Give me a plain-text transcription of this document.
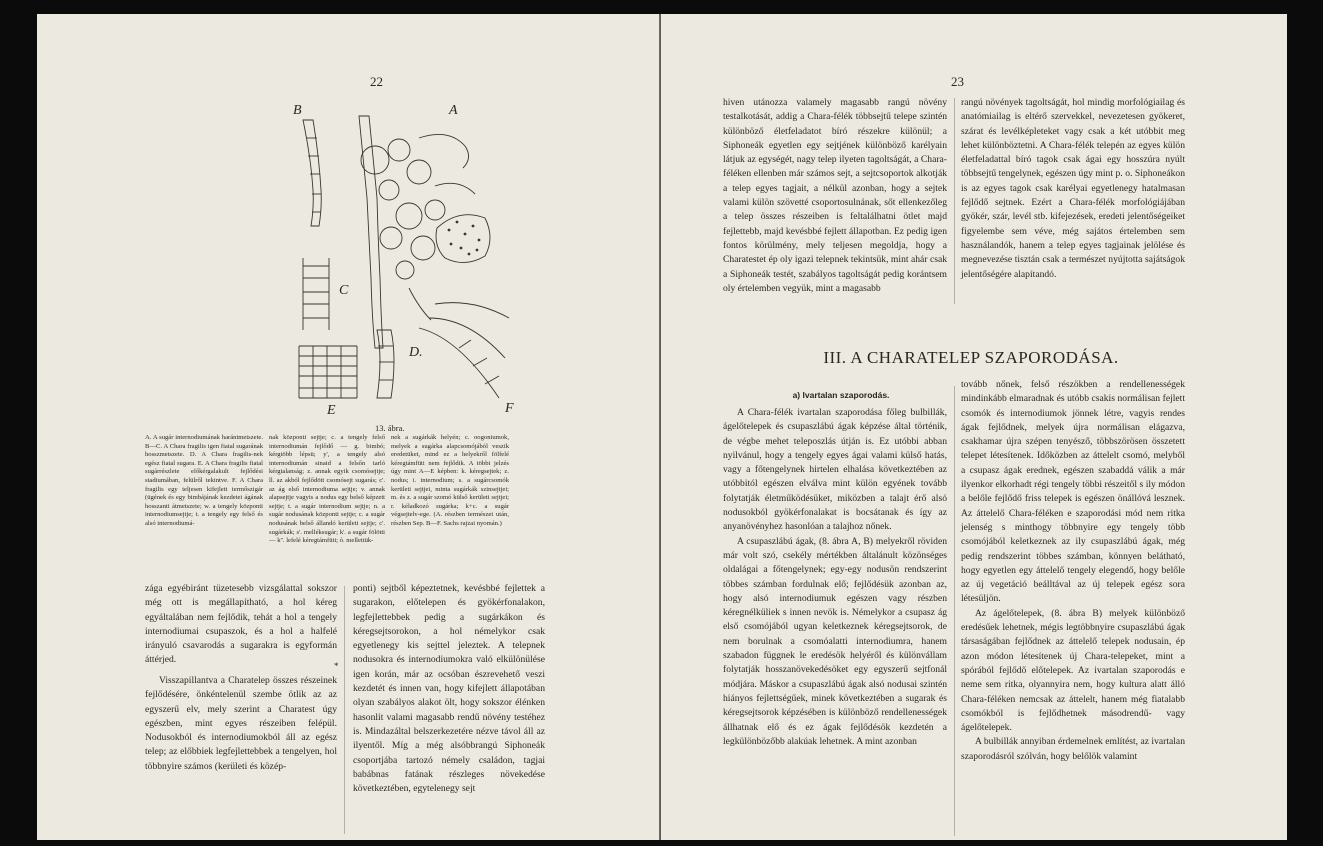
22
B	A
C
D.
E	F
13. ábra.

A. A sugár internodiumának harántmetszete. B—C. A Chara fragilis igen fiatal sugarának hosszmetszete. D. A Chara fragilis-nek egész fiatal sugara. E. A Chara fragilis fiatal sugárrészlete előkérgalakult fejlődési stadiumában, felülről tekintve. F. A Chara fragilis egy teljesen kifejlett termőszigár (ügének és egy bimbájának kezdetei ágának hosszanti átmetszete; w. a tengely központi internodiumsejtje; t. a tengely egy felső és alsó internodiumá-

nak központi sejtje; c. a tengely felső internodiumán fejlődő — g. bimbó; kérgtöbb lépsü; y', a tengely alsó internodiumán sinaid a felsőn tarló kérgtalanság; z. annak egyik csomósejtje; ll. az akból fejlődött csomósejt sugarás; c'. az ág első internodiuma sejtje; v. annak alapsejtje vagyis a nodus egy belső képzett sejtje; t. a sugár internodium sejtje; n. a sugár nodusának központi sejtje; c. a sugár nodusának belső állandó kerületi sejtje; c'. sugárkák; s'. melléksugár; k'. a sugár fölötti — k''. lefelé kéregtámfüti; ó. mellettük-

nek a sugárkák helyén; c. oogoniumok, melyek a sugárka alapcsomójából veszik eredetüket, mind ez a helyekről fölfelé kéregtámfüti nem fejlődik. A többi jelzés úgy mint A—E képben: k. kéregsejtek; z. nodus; i. internodium; s. a sugárcsomók kerületi sejtjei, minta sugárkák szinsejtjei; m. és z. a sugár szomó külső kerületi sejtjei; r. kéladkozó sugárka; k+c. a sugár végsejtelv-ege. (A. részben természet után, részben Sep. B—F. Sachs rajzai nyomán.)

zága egyébiránt tüzetesebb vizsgálattal sokszor még ott is megállapítható, a hol kéreg egyáltalában nem fejlődik, tehát a hol a tengely internodiumai csupaszok, és a hol a halfelé irányuló csavarodás a sugarakra is egyformán áttérjed.

*

Visszapillantva a Charatelep összes részeinek fejlődésére, önkéntelenül szembe ötlik az az egyszerű elv, mely szerint a Charatest úgy egészben, mint egyes részeiben felépül. Nodusokból és internodiumokból áll az egész telep; az előbbiek legfejlettebbek a tengelyen, hol többnyire számos (kerületi és közép-

ponti) sejtből képeztetnek, kevésbbé fejlettek a sugarakon, előtelepen és gyökérfonalakon, legfejlettebbek pedig a sugárkákon és kéregsejtsorokon, a hol némelykor csak egyetlenegy kis sejttel jeleztek. A telepnek nodusokra és internodiumokra való elkülönülése igen korán, már az ocsóban észrevehető veszi kezdetét és innen van, hogy kifejlett állapotában olyan szabályos alakot ölt, hogy sokszor élénken hasonlít valami magasabb rendű növény testéhez is. Mindazáltal belszerkezetére nézve távol áll az ilyentől. Míg a még alsóbbrangú Siphoneák csoportjába tartozó némely családon, tagjai babábnas fatának részleges növekedése következtében, egytelenegy sejt

23

hiven utánozza valamely magasabb rangú növény testalkotását, addig a Chara-félék többsejtű telepe szintén különböző életfeladatot bíró részekre különül; a Siphoneák egyetlen egy sejtjének különböző karélyain látjuk az egységét, nagy telep ilyeten tagoltságát, a Chara-féléken ellenben már számos sejt, a sejtcsoportok alkotják a telep egyes tagjait, a nélkül azonban, hogy a sejtek valami külön szövetté csoportosulnának, sőt ellenkezőleg a telep összes részeiben is feltalálhatni ötlet majd fejlettebb, majd kevésbbé fejlett állapotban. Ez pedig igen fontos körülmény, mely teljesen megoldja, hogy a Charatestet ép oly igazi telepnek tekintsük, mint ahár csak a Siphoneák testét, szabályos tagoltságát pedig korántsem oly értelemben vegyük, mint a magasabb

rangú növények tagoltságát, hol mindig morfológiailag és anatómiailag is eltérő szervekkel, nevezetesen gyökeret, szárat és levélképleteket vagy csak a két utóbbit meg lehet különböztetni. A Chara-félék telepén az egyes külön életfeladattal bíró tagok csak ágai egy hosszúra nyúlt többsejtű tengelynek, egészen úgy mint p. o. Siphoneákon is az egyes tagok csak karélyai egyetlenegy hatalmasan fejlődő sejtnek. Ezért a Chara-félék morfológiájában gyökér, szár, levél stb. kifejezések, eredeti jelentőségeiket figyelembe sem véve, még sajátos értelemben sem használandók, hanem a telep egyes tagjainak jelölése és megnevezése tisztán csak a természet nyújtotta sajátságok jelentőségére alapítandó.

III. A CHARATELEP SZAPORODÁSA.
a) Ivartalan szaporodás.

A Chara-félék ivartalan szaporodása főleg bulbillák, ágelőtelepek és csupaszlábú ágak képzése által történik, de végbe mehet teleposzlás útján is. Ez utóbbi abban nyilvánul, hogy a tengely egyes ágai valami külső hatás, vagy a főtengelynek hirtelen elhalása következtében az utóbbitól egészen elválva mint külön egyének tovább folytatják életműködésüket, miközben a talajt érő alsó nodusokból gyökérfonalakat is bocsátanak és így az anyanövényhez hasonlóan a talajhoz nőnek.

A csupaszlábú ágak, (8. ábra A, B) melyekről röviden már volt szó, csekély mértékben általánult közönséges oldalágai a főtengelynek; egy-egy nodusön rendszerint többes számban fordulnak elő; fejlődésük azonban az, hogy alsó internodiumuk egészen vagy részben kéregnélküliek s innen nevök is. Némelykor a csupasz ág első csomójából ugyan keletkeznek kéregsejtsorok, de nem borulnak a csomóalatti internodiumra, hanem szabadon függnek le eredésök helyéről és különvállam folytatják hosszanövekedésöket egy egyszerű sejtfonál módjára. Máskor a csupaszlábú ágak alsó nodusai szintén hiányos fejlettségűek, minek következtében a sugarak és kéregsejtsorok képzésében is különböző rendellenességek állhatnak elő és ez ágak fejlődésök kezdetén a legkülönbözőbb alakúak lehetnek. A mint azonban

tovább nőnek, felső részökben a rendellenességek mindinkább elmaradnak és utóbb csakis normálisan fejlett csomók és internodiumok jönnek létre, vagyis rendes ágak fejlődnek, melyek újra normálisan elágazva, csakhamar újra szépen tenyésző, többszörösen összetett telepet létesítenek. Időközben az áttelelt csomó, melyből a csupasz ágak erednek, egészen szabaddá válik a már ilyenkor elkorhadt régi tengely többi részeitől s ily módon a belőle fejlődő friss telepek is egészen önállóvá lesznek. Az áttelelő Chara-féléken e szaporodási mód nem ritka jelenség s minthogy többnyire egy tengely több csomójából keletkeznek az ily csupaszlábú ágak, még pedig rendszerint többes számban, könnyen belátható, hogy egyetlen egy áttelelő tengely elegendő, hogy belőle az új vegetáció beálltával az új telepek egész sora létesüljön.

Az ágelőtelepek, (8. ábra B) melyek különböző eredésűek lehetnek, mégis legtöbbnyire csupaszlábú ágak társaságában fejlődnek az áttelelő telepek nodusain, ép azon módon létesítenek új Chara-telepeket, mint a spórából fejlődő előtelepek. Az ivartalan szaporodás e neme sem ritka, olyannyira nem, hogy kultura alatt álló Chara-féléken nemcsak az áttelelt, hanem még fiatalabb csomókból is fejlődhetnek másodrendű- vagy ágelőtelepek.

A bulbillák annyiban érdemelnek említést, az ivartalan szaporodásról szólván, hogy belőlök valamint
